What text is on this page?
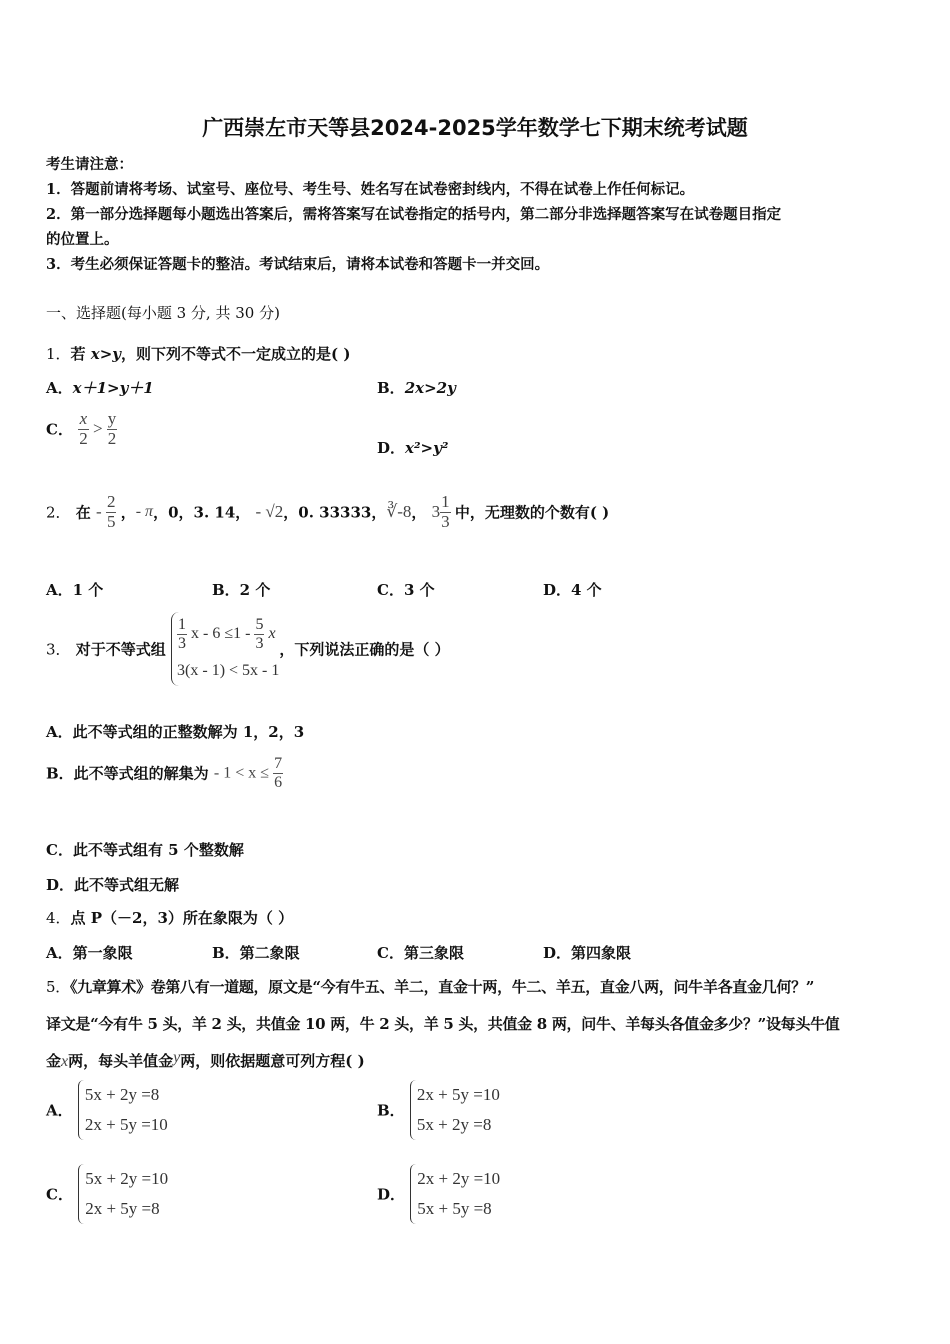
广西崇左市天等县2024-2025学年数学七下期末统考试题
考生请注意：
1．答题前请将考场、试室号、座位号、考生号、姓名写在试卷密封线内，不得在试卷上作任何标记。
2．第一部分选择题每小题选出答案后，需将答案写在试卷指定的括号内，第二部分非选择题答案写在试卷题目指定
的位置上。
3．考生必须保证答题卡的整洁。考试结束后，请将本试卷和答题卡一并交回。
一、选择题(每小题 3 分, 共 30 分)
1．若 x>y，则下列不等式不一定成立的是( )
A．x＋1>y＋1	B．2x>2y
C． $\frac{x}{2} > \frac{y}{2}$	D．x²>y²
2． 在 - $\frac{2}{5}$ ，- π，0，3. 14， - √2，0. 33333，∛-8， $3 \frac{1}{3}$ 中，无理数的个数有( )
A．1 个	B．2 个	C．3 个	D．4 个
3． 对于不等式组 $\frac{1}{3}$ $x - 6 \le 1 - \frac{5}{3}$ x
3(x - 1) < 5x - 1
，下列说法正确的是（ ）
A．此不等式组的正整数解为 1，2，3
B．此不等式组的解集为 - $1 < x \le \frac{7}{6}$
C．此不等式组有 5 个整数解
D．此不等式组无解
4．点 P（－2，3）所在象限为（ ）
A．第一象限	B．第二象限	C．第三象限	D．第四象限
5．《九章算术》卷第八有一道题，原文是“今有牛五、羊二，直金十两，牛二、羊五，直金八两，问牛羊各直金几何？”
译文是“今有牛 5 头，羊 2 头，共值金 10 两，牛 2 头，羊 5 头，共值金 8 两，问牛、羊每头各值金多少？”设每头牛值
金x两，每头羊值金y两，则依据题意可列方程( )
A．
5x + 2y =8
2x + 5y =10
B．
2x + 5y =10
5x + 2y =8
C．
5x + 2y =10
2x + 5y =8
D．
2x + 2y =10
5x + 5y =8
